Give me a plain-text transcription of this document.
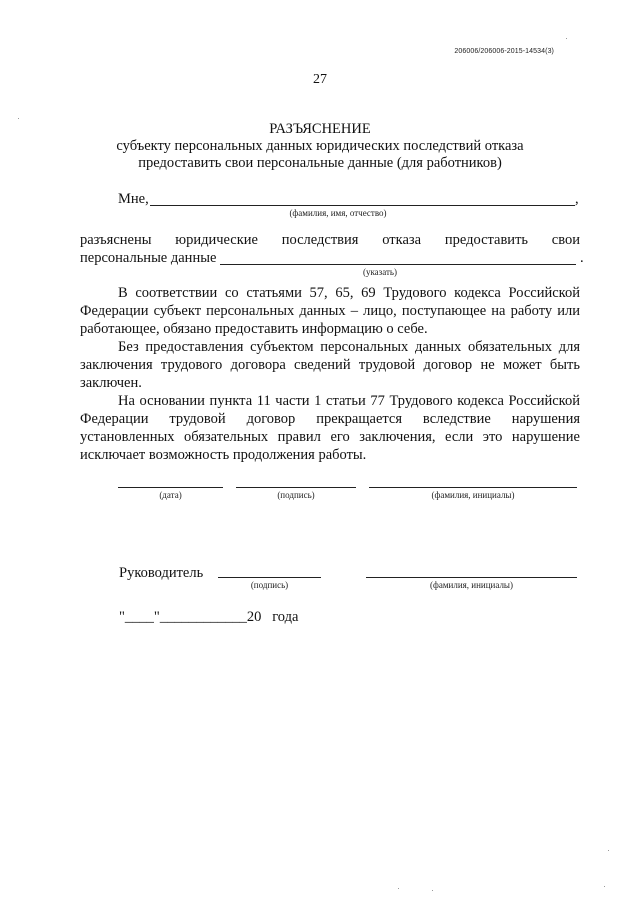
206006/206006-2015-14534(3)
27
РАЗЪЯСНЕНИЕ
субъекту персональных данных юридических последствий отказа
предоставить свои персональные данные (для работников)
Мне,	,
(фамилия, имя, отчество)
разъяснены юридические последствия отказа предоставить свои
персональные данные	.
(указать)
В соответствии со статьями 57, 65, 69 Трудового кодекса Российской Федерации субъект персональных данных – лицо, поступающее на работу или работающее, обязано предоставить информацию о себе.
Без предоставления субъектом персональных данных обязательных для заключения трудового договора сведений трудовой договор не может быть заключен.
На основании пункта 11 части 1 статьи 77 Трудового кодекса Российской Федерации трудовой договор прекращается вследствие нарушения установленных обязательных правил его заключения, если это нарушение исключает возможность продолжения работы.
(дата)	(подпись)	(фамилия, инициалы)
Руководитель
(подпись)	(фамилия, инициалы)
"____"____________20   года
